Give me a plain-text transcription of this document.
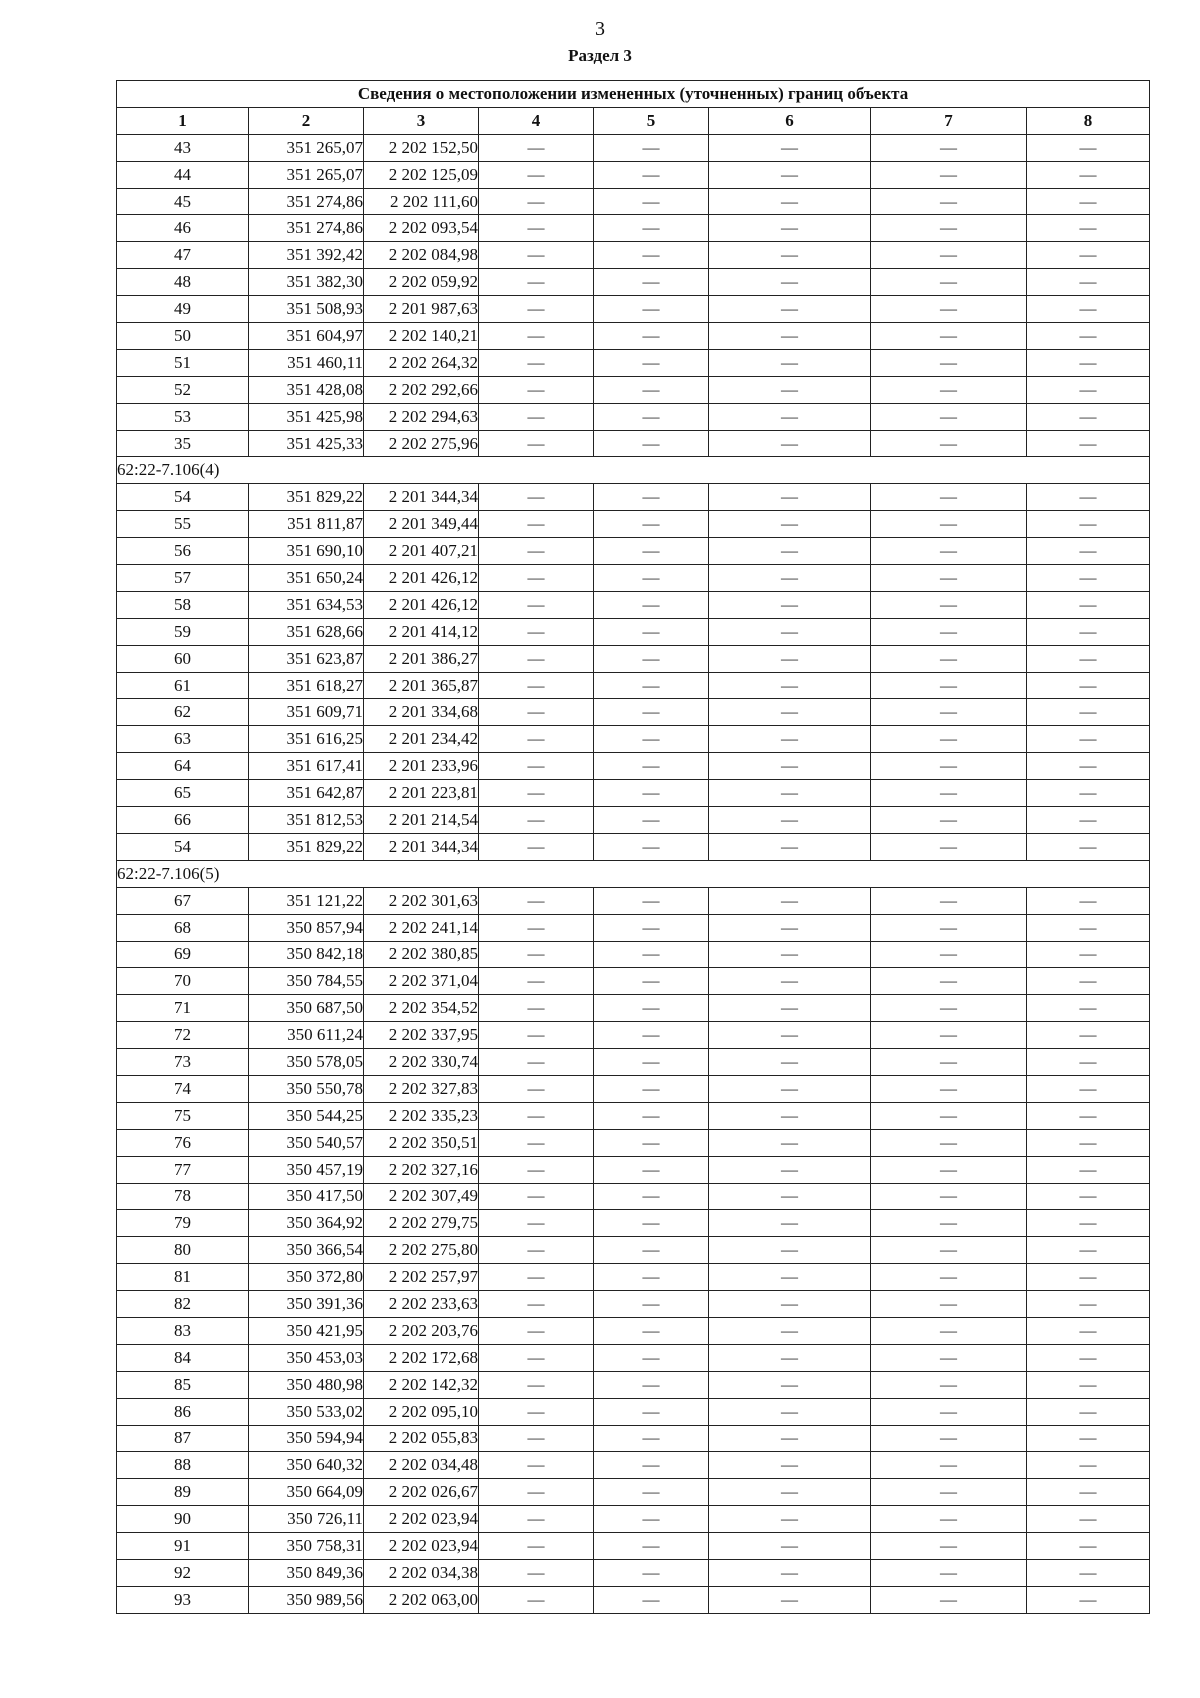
3
Раздел 3
Сведения о местоположении измененных (уточненных) границ объекта							
1	2	3	4	5	6	7	8
43	351 265,07	2 202 152,50	—	—	—	—	—
44	351 265,07	2 202 125,09	—	—	—	—	—
45	351 274,86	2 202 111,60	—	—	—	—	—
46	351 274,86	2 202 093,54	—	—	—	—	—
47	351 392,42	2 202 084,98	—	—	—	—	—
48	351 382,30	2 202 059,92	—	—	—	—	—
49	351 508,93	2 201 987,63	—	—	—	—	—
50	351 604,97	2 202 140,21	—	—	—	—	—
51	351 460,11	2 202 264,32	—	—	—	—	—
52	351 428,08	2 202 292,66	—	—	—	—	—
53	351 425,98	2 202 294,63	—	—	—	—	—
35	351 425,33	2 202 275,96	—	—	—	—	—
62:22-7.106(4)							
54	351 829,22	2 201 344,34	—	—	—	—	—
55	351 811,87	2 201 349,44	—	—	—	—	—
56	351 690,10	2 201 407,21	—	—	—	—	—
57	351 650,24	2 201 426,12	—	—	—	—	—
58	351 634,53	2 201 426,12	—	—	—	—	—
59	351 628,66	2 201 414,12	—	—	—	—	—
60	351 623,87	2 201 386,27	—	—	—	—	—
61	351 618,27	2 201 365,87	—	—	—	—	—
62	351 609,71	2 201 334,68	—	—	—	—	—
63	351 616,25	2 201 234,42	—	—	—	—	—
64	351 617,41	2 201 233,96	—	—	—	—	—
65	351 642,87	2 201 223,81	—	—	—	—	—
66	351 812,53	2 201 214,54	—	—	—	—	—
54	351 829,22	2 201 344,34	—	—	—	—	—
62:22-7.106(5)							
67	351 121,22	2 202 301,63	—	—	—	—	—
68	350 857,94	2 202 241,14	—	—	—	—	—
69	350 842,18	2 202 380,85	—	—	—	—	—
70	350 784,55	2 202 371,04	—	—	—	—	—
71	350 687,50	2 202 354,52	—	—	—	—	—
72	350 611,24	2 202 337,95	—	—	—	—	—
73	350 578,05	2 202 330,74	—	—	—	—	—
74	350 550,78	2 202 327,83	—	—	—	—	—
75	350 544,25	2 202 335,23	—	—	—	—	—
76	350 540,57	2 202 350,51	—	—	—	—	—
77	350 457,19	2 202 327,16	—	—	—	—	—
78	350 417,50	2 202 307,49	—	—	—	—	—
79	350 364,92	2 202 279,75	—	—	—	—	—
80	350 366,54	2 202 275,80	—	—	—	—	—
81	350 372,80	2 202 257,97	—	—	—	—	—
82	350 391,36	2 202 233,63	—	—	—	—	—
83	350 421,95	2 202 203,76	—	—	—	—	—
84	350 453,03	2 202 172,68	—	—	—	—	—
85	350 480,98	2 202 142,32	—	—	—	—	—
86	350 533,02	2 202 095,10	—	—	—	—	—
87	350 594,94	2 202 055,83	—	—	—	—	—
88	350 640,32	2 202 034,48	—	—	—	—	—
89	350 664,09	2 202 026,67	—	—	—	—	—
90	350 726,11	2 202 023,94	—	—	—	—	—
91	350 758,31	2 202 023,94	—	—	—	—	—
92	350 849,36	2 202 034,38	—	—	—	—	—
93	350 989,56	2 202 063,00	—	—	—	—	—
